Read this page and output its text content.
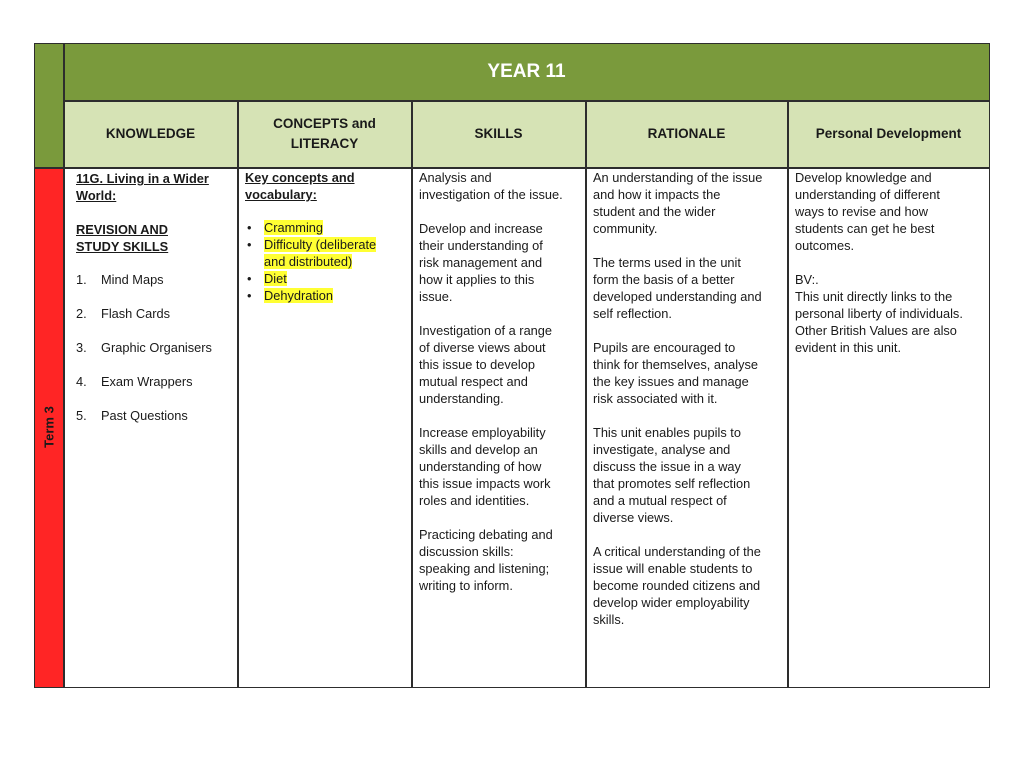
Term 3
YEAR 11
KNOWLEDGE
CONCEPTS and
LITERACY
SKILLS	RATIONALE	Personal Development
11G. Living in a Wider
World:
REVISION AND
STUDY SKILLS
1. Mind Maps
2. Flash Cards
3. Graphic Organisers
4. Exam Wrappers
5. Past Questions
Key concepts and
vocabulary:
• Cramming
• Difficulty (deliberate
and distributed)
• Diet
• Dehydration
Analysis and
investigation of the issue.
Develop and increase
their understanding of
risk management and
how it applies to this
issue.
Investigation of a range
of diverse views about
this issue to develop
mutual respect and
understanding.
Increase employability
skills and develop an
understanding of how
this issue impacts work
roles and identities.
Practicing debating and
discussion skills:
speaking and listening;
writing to inform.
An understanding of the issue
and how it impacts the
student and the wider
community.
The terms used in the unit
form the basis of a better
developed understanding and
self reflection.
Pupils are encouraged to
think for themselves, analyse
the key issues and manage
risk associated with it.
This unit enables pupils to
investigate, analyse and
discuss the issue in a way
that promotes self reflection
and a mutual respect of
diverse views.
A critical understanding of the
issue will enable students to
become rounded citizens and
develop wider employability
skills.
Develop knowledge and
understanding of different
ways to revise and how
students can get he best
outcomes.
BV:.
This unit directly links to the
personal liberty of individuals.
Other British Values are also
evident in this unit.
